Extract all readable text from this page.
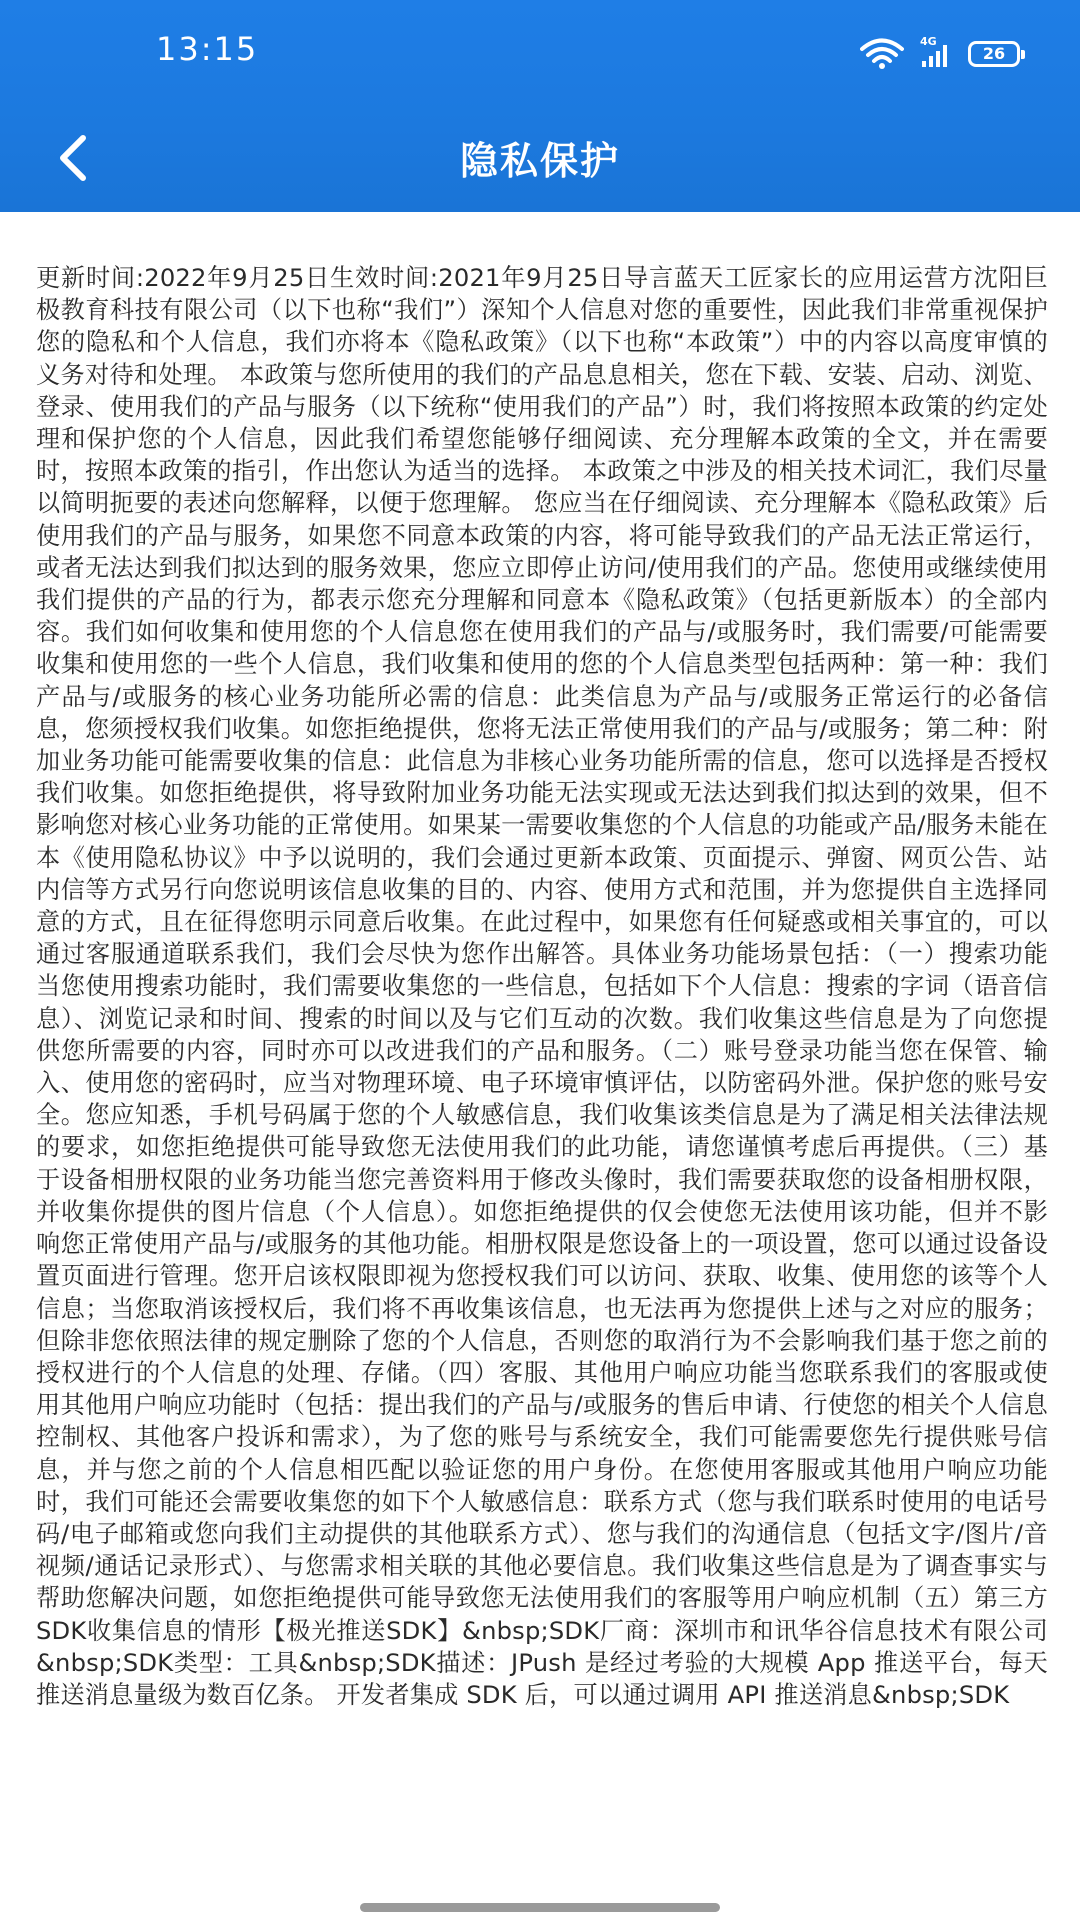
13:15	4G
26
隐私保护

更新时间:2022年9月25日生效时间:2021年9月25日导言蓝天工匠家长的应用运营方沈阳巨极教育科技有限公司（以下也称“我们”）深知个人信息对您的重要性，因此我们非常重视保护您的隐私和个人信息，我们亦将本《隐私政策》（以下也称“本政策”）中的内容以高度审慎的义务对待和处理。 本政策与您所使用的我们的产品息息相关，您在下载、安装、启动、浏览、登录、使用我们的产品与服务（以下统称“使用我们的产品”）时，我们将按照本政策的约定处理和保护您的个人信息，因此我们希望您能够仔细阅读、充分理解本政策的全文，并在需要时，按照本政策的指引，作出您认为适当的选择。 本政策之中涉及的相关技术词汇，我们尽量以简明扼要的表述向您解释，以便于您理解。 您应当在仔细阅读、充分理解本《隐私政策》后使用我们的产品与服务，如果您不同意本政策的内容，将可能导致我们的产品无法正常运行，或者无法达到我们拟达到的服务效果，您应立即停止访问/使用我们的产品。您使用或继续使用我们提供的产品的行为，都表示您充分理解和同意本《隐私政策》（包括更新版本）的全部内容。我们如何收集和使用您的个人信息您在使用我们的产品与/或服务时，我们需要/可能需要收集和使用您的一些个人信息，我们收集和使用的您的个人信息类型包括两种：第一种：我们产品与/或服务的核心业务功能所必需的信息：此类信息为产品与/或服务正常运行的必备信息，您须授权我们收集。如您拒绝提供，您将无法正常使用我们的产品与/或服务；第二种：附加业务功能可能需要收集的信息：此信息为非核心业务功能所需的信息，您可以选择是否授权我们收集。如您拒绝提供，将导致附加业务功能无法实现或无法达到我们拟达到的效果，但不影响您对核心业务功能的正常使用。如果某一需要收集您的个人信息的功能或产品/服务未能在本《使用隐私协议》中予以说明的，我们会通过更新本政策、页面提示、弹窗、网页公告、站内信等方式另行向您说明该信息收集的目的、内容、使用方式和范围，并为您提供自主选择同意的方式，且在征得您明示同意后收集。在此过程中，如果您有任何疑惑或相关事宜的，可以通过客服通道联系我们，我们会尽快为您作出解答。具体业务功能场景包括：（一）搜索功能当您使用搜索功能时，我们需要收集您的一些信息，包括如下个人信息：搜索的字词（语音信息）、浏览记录和时间、搜索的时间以及与它们互动的次数。我们收集这些信息是为了向您提供您所需要的内容，同时亦可以改进我们的产品和服务。（二）账号登录功能当您在保管、输入、使用您的密码时，应当对物理环境、电子环境审慎评估，以防密码外泄。保护您的账号安全。您应知悉，手机号码属于您的个人敏感信息，我们收集该类信息是为了满足相关法律法规的要求，如您拒绝提供可能导致您无法使用我们的此功能，请您谨慎考虑后再提供。（三）基于设备相册权限的业务功能当您完善资料用于修改头像时，我们需要获取您的设备相册权限，并收集你提供的图片信息（个人信息）。如您拒绝提供的仅会使您无法使用该功能，但并不影响您正常使用产品与/或服务的其他功能。相册权限是您设备上的一项设置，您可以通过设备设置页面进行管理。您开启该权限即视为您授权我们可以访问、获取、收集、使用您的该等个人信息；当您取消该授权后，我们将不再收集该信息，也无法再为您提供上述与之对应的服务；但除非您依照法律的规定删除了您的个人信息，否则您的取消行为不会影响我们基于您之前的授权进行的个人信息的处理、存储。（四）客服、其他用户响应功能当您联系我们的客服或使用其他用户响应功能时（包括：提出我们的产品与/或服务的售后申请、行使您的相关个人信息控制权、其他客户投诉和需求），为了您的账号与系统安全，我们可能需要您先行提供账号信息，并与您之前的个人信息相匹配以验证您的用户身份。在您使用客服或其他用户响应功能时，我们可能还会需要收集您的如下个人敏感信息：联系方式（您与我们联系时使用的电话号码/电子邮箱或您向我们主动提供的其他联系方式）、您与我们的沟通信息（包括文字/图片/音视频/通话记录形式）、与您需求相关联的其他必要信息。我们收集这些信息是为了调查事实与帮助您解决问题，如您拒绝提供可能导致您无法使用我们的客服等用户响应机制（五）第三方SDK收集信息的情形【极光推送SDK】&nbsp;SDK厂商：深圳市和讯华谷信息技术有限公司&nbsp;SDK类型：工具&nbsp;SDK描述：JPush 是经过考验的大规模 App 推送平台，每天推送消息量级为数百亿条。 开发者集成 SDK 后，可以通过调用 API 推送消息&nbsp;SDK
